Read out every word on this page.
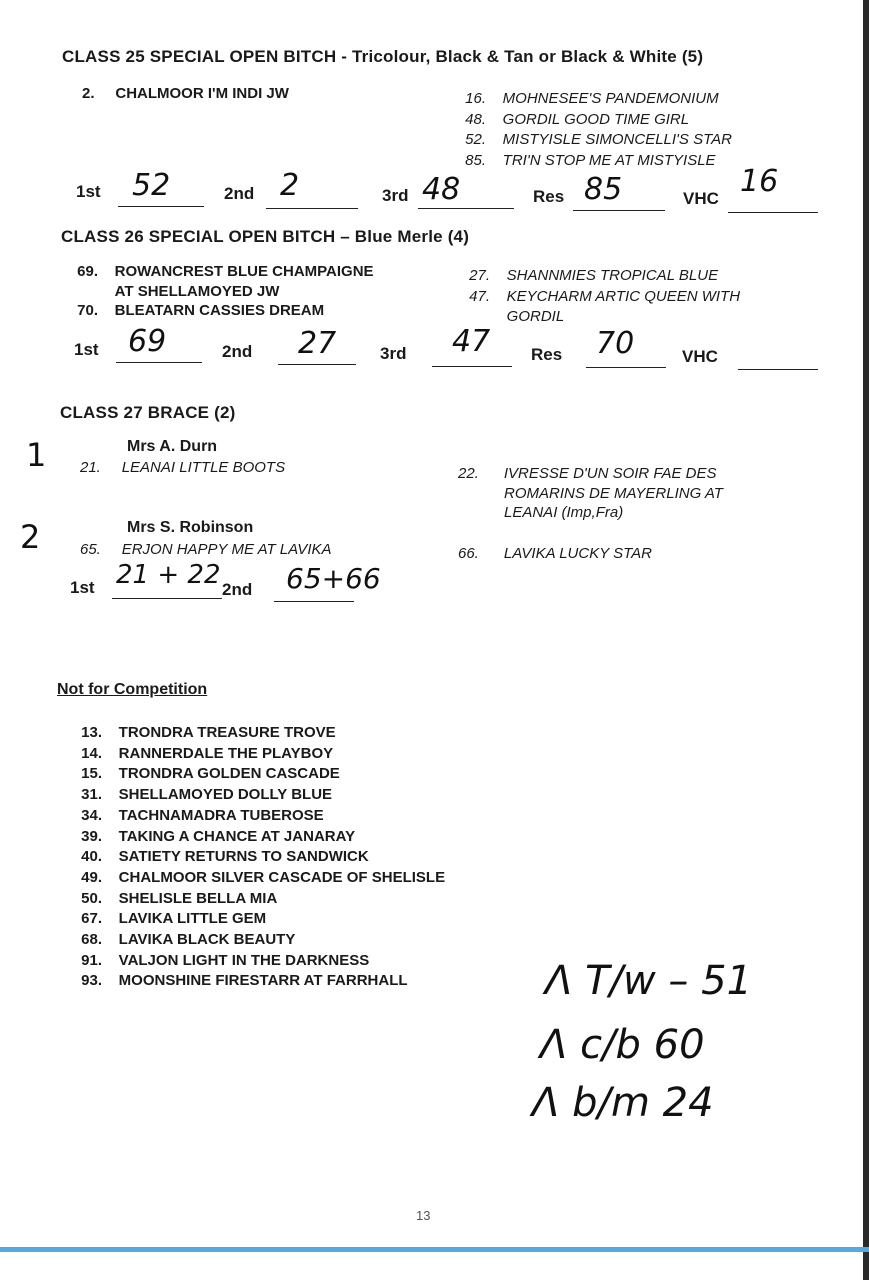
CLASS 25 SPECIAL OPEN BITCH - Tricolour, Black & Tan or Black & White (5)
2. CHALMOOR I'M INDI JW	16. MOHNESEE'S PANDEMONIUM
48. GORDIL GOOD TIME GIRL
52. MISTYISLE SIMONCELLI'S STAR
85. TRI'N STOP ME AT MISTYISLE
1st 52	2nd 2	3rd 48	Res 85	VHC 16
CLASS 26 SPECIAL OPEN BITCH – Blue Merle (4)
69. ROWANCREST BLUE CHAMPAIGNE
AT SHELLAMOYED JW
70. BLEATARN CASSIES DREAM
27. SHANNMIES TROPICAL BLUE
47. KEYCHARM ARTIC QUEEN WITH
GORDIL
1st 69	2nd 27	3rd 47 Res 70	VHC
CLASS 27 BRACE (2)
1	Mrs A. Durn
21. LEANAI LITTLE BOOTS	22. IVRESSE D'UN SOIR FAE DES
ROMARINS DE MAYERLING AT
LEANAI (Imp,Fra)
2	Mrs S. Robinson
65. ERJON HAPPY ME AT LAVIKA	66. LAVIKA LUCKY STAR
1st 21 + 22 2nd 65+66
Not for Competition
13. TRONDRA TREASURE TROVE
14. RANNERDALE THE PLAYBOY
15. TRONDRA GOLDEN CASCADE
31. SHELLAMOYED DOLLY BLUE
34. TACHNAMADRA TUBEROSE
39. TAKING A CHANCE AT JANARAY
40. SATIETY RETURNS TO SANDWICK
49. CHALMOOR SILVER CASCADE OF SHELISLE
50. SHELISLE BELLA MIA
67. LAVIKA LITTLE GEM
68. LAVIKA BLACK BEAUTY
91. VALJON LIGHT IN THE DARKNESS
93. MOONSHINE FIRESTARR AT FARRHALL	Λ T/w – 51
Λ c/b 60
Λ b/m 24
13
